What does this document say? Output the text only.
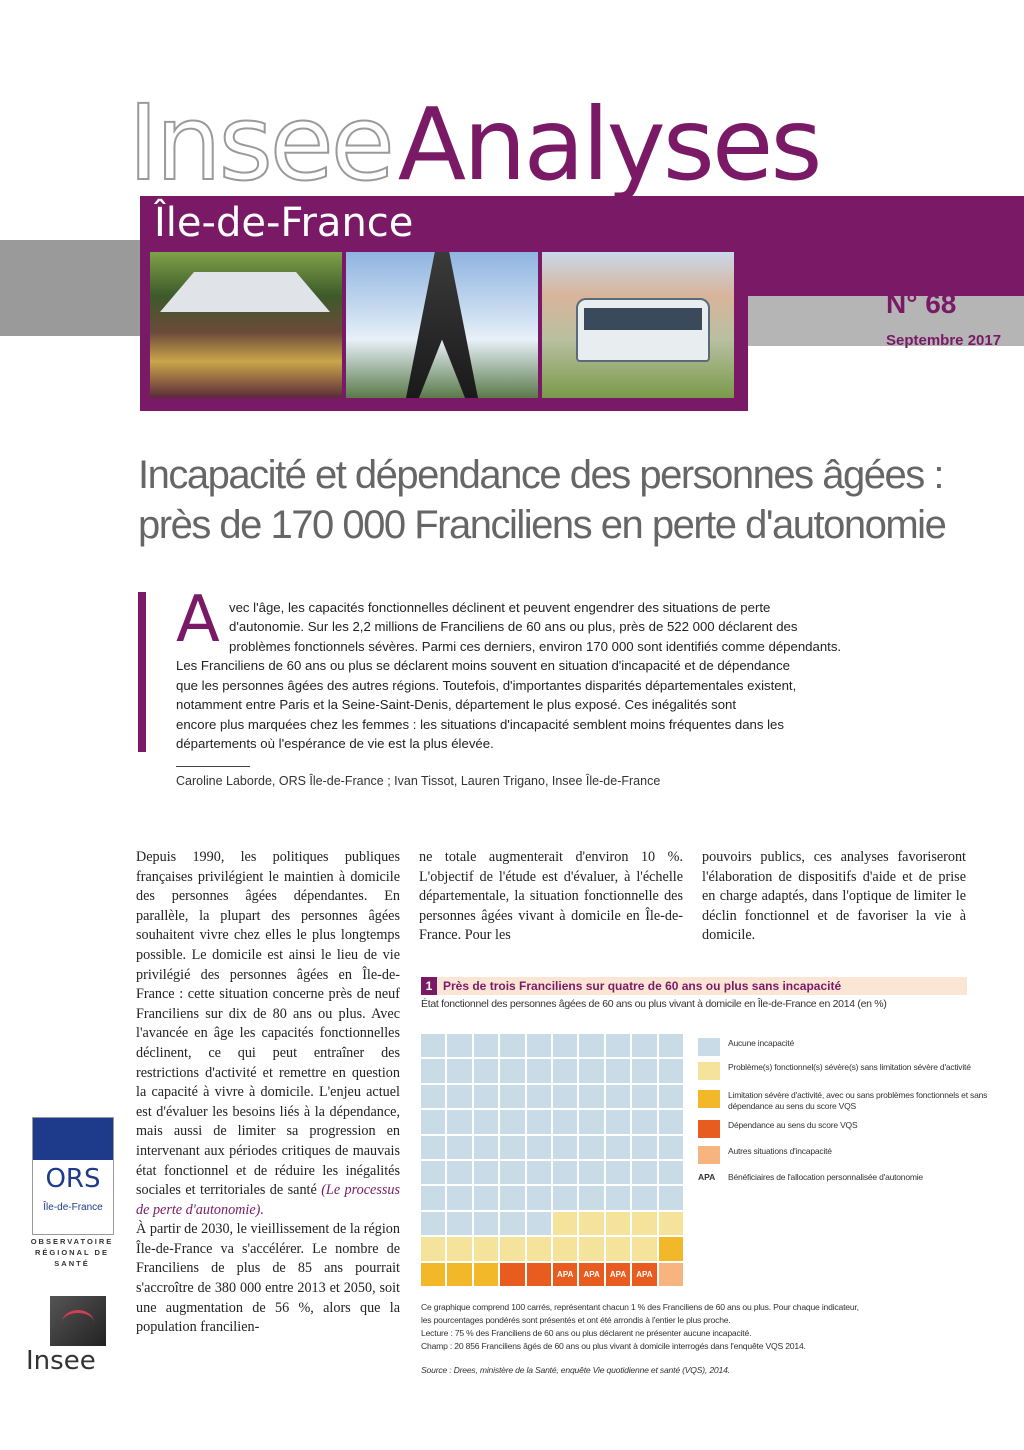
InseeAnalyses
Île-de-France
N° 68
Septembre 2017
Incapacité et dépendance des personnes âgées :
près de 170 000 Franciliens en perte d'autonomie
A vec l'âge, les capacités fonctionnelles déclinent et peuvent engendrer des situations de perte
d'autonomie. Sur les 2,2 millions de Franciliens de 60 ans ou plus, près de 522 000 déclarent des
problèmes fonctionnels sévères. Parmi ces derniers, environ 170 000 sont identifiés comme dépendants.
Les Franciliens de 60 ans ou plus se déclarent moins souvent en situation d'incapacité et de dépendance
que les personnes âgées des autres régions. Toutefois, d'importantes disparités départementales existent,
notamment entre Paris et la Seine-Saint-Denis, département le plus exposé. Ces inégalités sont
encore plus marquées chez les femmes : les situations d'incapacité semblent moins fréquentes dans les
départements où l'espérance de vie est la plus élevée.
Caroline Laborde, ORS Île-de-France ; Ivan Tissot, Lauren Trigano, Insee Île-de-France

Depuis 1990, les politiques publiques françaises privilégient le maintien à domicile des personnes âgées dépendantes. En parallèle, la plupart des personnes âgées souhaitent vivre chez elles le plus longtemps possible. Le domicile est ainsi le lieu de vie privilégié des personnes âgées en Île-de-France : cette situation concerne près de neuf Franciliens sur dix de 80 ans ou plus. Avec l'avancée en âge les capacités fonctionnelles déclinent, ce qui peut entraîner des restrictions d'activité et remettre en question la capacité à vivre à domicile. L'enjeu actuel est d'évaluer les besoins liés à la dépendance, mais aussi de limiter sa progression en intervenant aux périodes critiques de mauvais état fonctionnel et de réduire les inégalités sociales et territoriales de santé (Le processus de perte d'autonomie).

À partir de 2030, le vieillissement de la région Île-de-France va s'accélérer. Le nombre de Franciliens de plus de 85 ans pourrait s'accroître de 380 000 entre 2013 et 2050, soit une augmentation de 56 %, alors que la population francilien-

ne totale augmenterait d'environ 10 %. L'objectif de l'étude est d'évaluer, à l'échelle départementale, la situation fonctionnelle des personnes âgées vivant à domicile en Île-de-France. Pour les

pouvoirs publics, ces analyses favoriseront l'élaboration de dispositifs d'aide et de prise en charge adaptés, dans l'optique de limiter le déclin fonctionnel et de favoriser la vie à domicile.

ORS
Île-de-France
OBSERVATOIRE RÉGIONAL DE SANTÉ
Insee
1 Près de trois Franciliens sur quatre de 60 ans ou plus sans incapacité
État fonctionnel des personnes âgées de 60 ans ou plus vivant à domicile en Île-de-France en 2014 (en %)
APA	APA	APA	APA
Aucune incapacité
Problème(s) fonctionnel(s) sévère(s) sans limitation sévère d'activité
Limitation sévère d'activité, avec ou sans problèmes fonctionnels et sans dépendance au sens du score VQS
Dépendance au sens du score VQS
Autres situations d'incapacité
APA Bénéficiaires de l'allocation personnalisée d'autonomie
Ce graphique comprend 100 carrés, représentant chacun 1 % des Franciliens de 60 ans ou plus. Pour chaque indicateur,
les pourcentages pondérés sont présentés et ont été arrondis à l'entier le plus proche.
Lecture : 75 % des Franciliens de 60 ans ou plus déclarent ne présenter aucune incapacité.
Champ : 20 856 Franciliens âgés de 60 ans ou plus vivant à domicile interrogés dans l'enquête VQS 2014.
Source : Drees, ministère de la Santé, enquête Vie quotidienne et santé (VQS), 2014.
